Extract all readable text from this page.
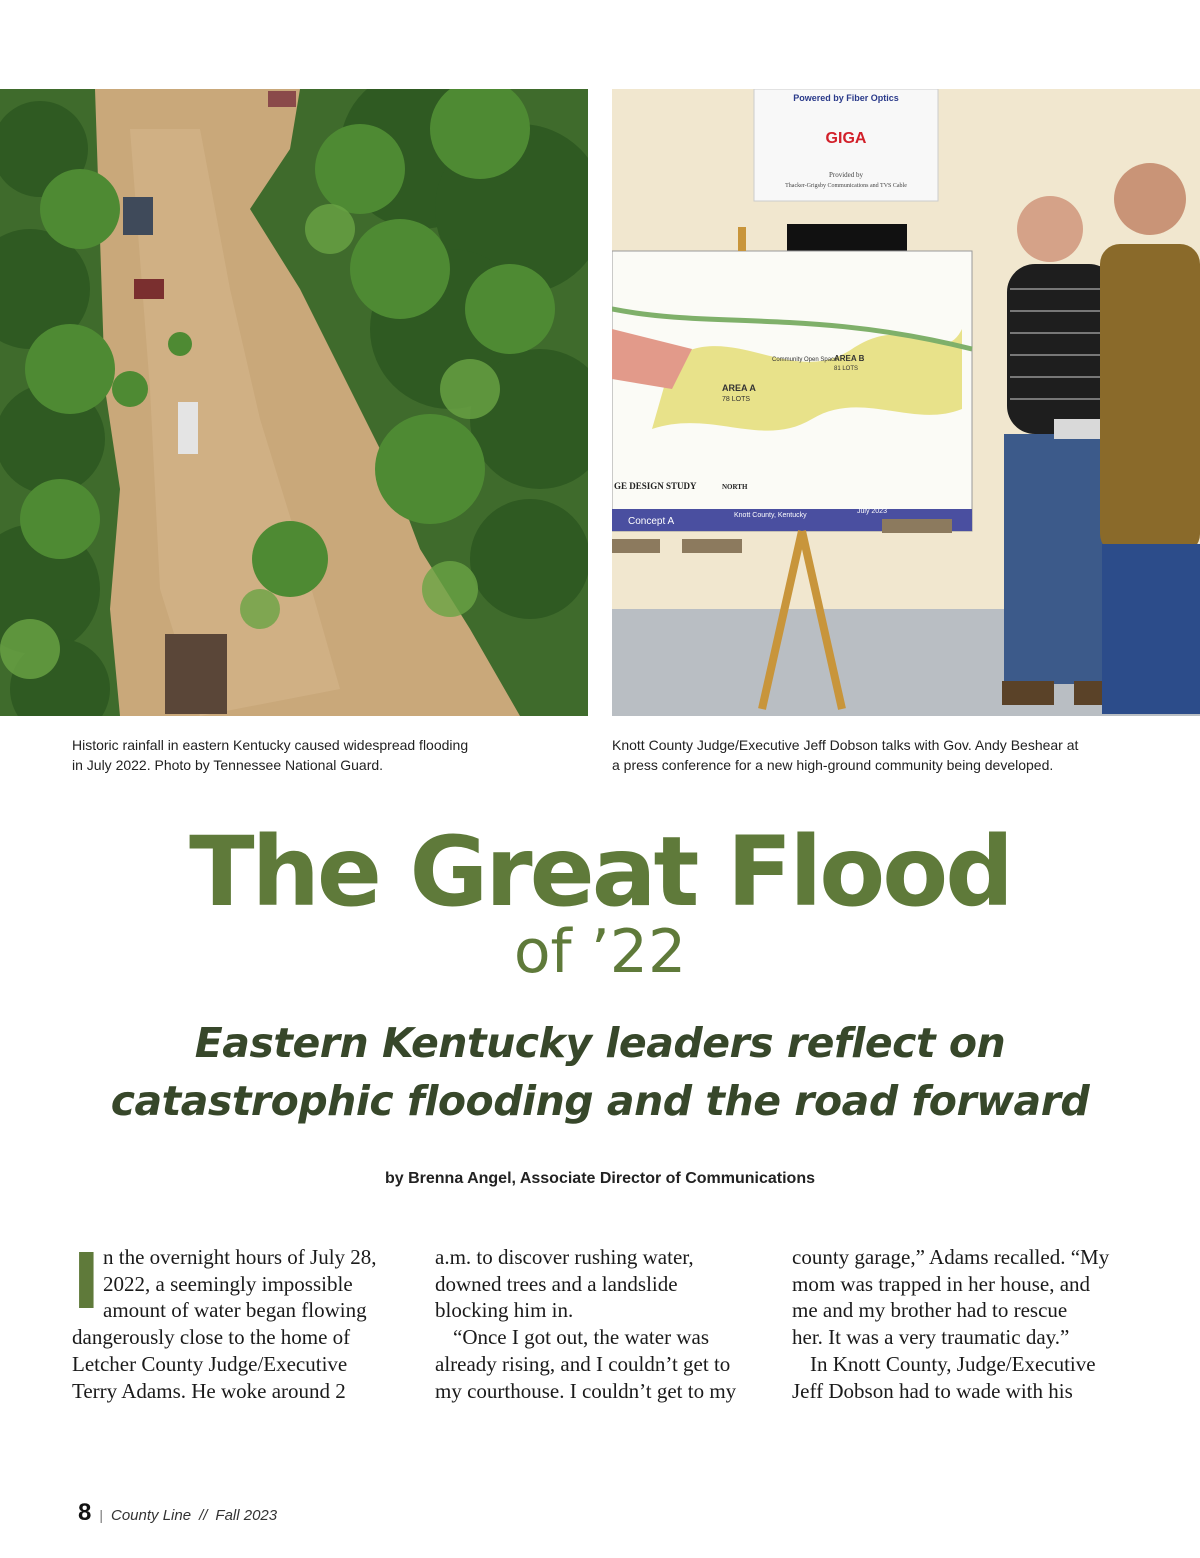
Powered by Fiber Optics
GIGA
Provided by
Thacker-Grigsby Communications and TVS Cable
AREA A
78 LOTS
AREA B
81 LOTS
Community Open Space
GE DESIGN STUDY	NORTH
Concept A
Knott County, Kentucky
July 2023
Historic rainfall in eastern Kentucky caused widespread flooding
in July 2022. Photo by Tennessee National Guard.
Knott County Judge/Executive Jeff Dobson talks with Gov. Andy Beshear at
a press conference for a new high-ground community being developed.
The Great Flood
of ’22
Eastern Kentucky leaders reflect on
catastrophic flooding and the road forward
by Brenna Angel, Associate Director of Communications
I n the overnight hours of July 28,
2022, a seemingly impossible
amount of water began flowing
dangerously close to the home of
Letcher County Judge/Executive
Terry Adams. He woke around 2
a.m. to discover rushing water,
downed trees and a landslide
blocking him in.
“Once I got out, the water was
already rising, and I couldn’t get to
my courthouse. I couldn’t get to my
county garage,” Adams recalled. “My
mom was trapped in her house, and
me and my brother had to rescue
her. It was a very traumatic day.”
In Knott County, Judge/Executive
Jeff Dobson had to wade with his
8 | County Line // Fall 2023
